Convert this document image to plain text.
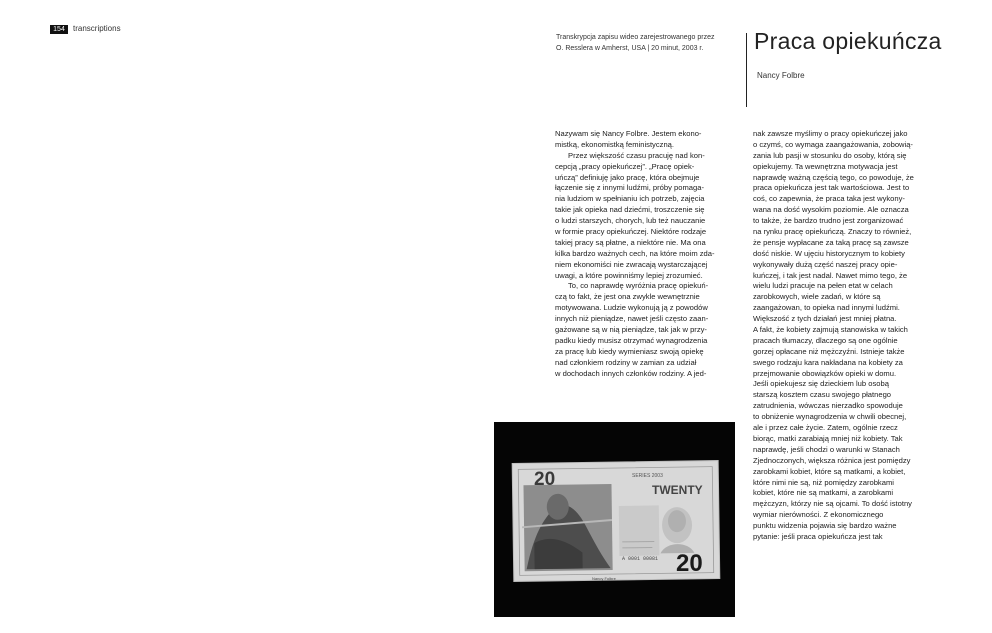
154	transcriptions
Transkrypcja zapisu wideo zarejestrowanego przez
O. Resslera w Amherst, USA | 20 minut, 2003 r.	Praca opiekuńcza
Nancy Folbre
Nazywam się Nancy Folbre. Jestem ekono-
mistką, ekonomistką feministyczną.
Przez większość czasu pracuję nad kon-
cepcją „pracy opiekuńczej”. „Pracę opiek-
uńczą” definiuję jako pracę, która obejmuje
łączenie się z innymi ludźmi, próby pomaga-
nia ludziom w spełnianiu ich potrzeb, zajęcia
takie jak opieka nad dziećmi, troszczenie się
o ludzi starszych, chorych, lub też nauczanie
w formie pracy opiekuńczej. Niektóre rodzaje
takiej pracy są płatne, a niektóre nie. Ma ona
kilka bardzo ważnych cech, na które moim zda-
niem ekonomiści nie zwracają wystarczającej
uwagi, a które powinniśmy lepiej zrozumieć.
To, co naprawdę wyróżnia pracę opiekuń-
czą to fakt, że jest ona zwykle wewnętrznie
motywowana. Ludzie wykonują ją z powodów
innych niż pieniądze, nawet jeśli często zaan-
gażowane są w nią pieniądze, tak jak w przy-
padku kiedy musisz otrzymać wynagrodzenia
za pracę lub kiedy wymieniasz swoją opiekę
nad członkiem rodziny w zamian za udział
w dochodach innych członków rodziny. A jed-
nak zawsze myślimy o pracy opiekuńczej jako
o czymś, co wymaga zaangażowania, zobowią-
zania lub pasji w stosunku do osoby, którą się
opiekujemy. Ta wewnętrzna motywacja jest
naprawdę ważną częścią tego, co powoduje, że
praca opiekuńcza jest tak wartościowa. Jest to
coś, co zapewnia, że praca taka jest wykony-
wana na dość wysokim poziomie. Ale oznacza
to także, że bardzo trudno jest zorganizować
na rynku pracę opiekuńczą. Znaczy to również,
że pensje wypłacane za taką pracę są zawsze
dość niskie. W ujęciu historycznym to kobiety
wykonywały dużą część naszej pracy opie-
kuńczej, i tak jest nadal. Nawet mimo tego, że
wielu ludzi pracuje na pełen etat w celach
zarobkowych, wiele zadań, w które są
zaangażowan, to opieka nad innymi ludźmi.
Większość z tych działań jest mniej płatna.
A fakt, że kobiety zajmują stanowiska w takich
pracach tłumaczy, dlaczego są one ogólnie
gorzej opłacane niż mężczyźni. Istnieje także
swego rodzaju kara nakładana na kobiety za
przejmowanie obowiązków opieki w domu.
Jeśli opiekujesz się dzieckiem lub osobą
starszą kosztem czasu swojego płatnego
zatrudnienia, wówczas nierzadko spowoduje
to obniżenie wynagrodzenia w chwili obecnej,
ale i przez całe życie. Zatem, ogólnie rzecz
biorąc, matki zarabiają mniej niż kobiety. Tak
naprawdę, jeśli chodzi o warunki w Stanach
Zjednoczonych, większa różnica jest pomiędzy
zarobkami kobiet, które są matkami, a kobiet,
które nimi nie są, niż pomiędzy zarobkami
kobiet, które nie są matkami, a zarobkami
mężczyzn, którzy nie są ojcami. To dość istotny
wymiar nierówności. Z ekonomicznego
punktu widzenia pojawia się bardzo ważne
pytanie: jeśli praca opiekuńcza jest tak
20	SERIES 2003
TWENTY
20
A 0001 00081
Nancy Folbre
